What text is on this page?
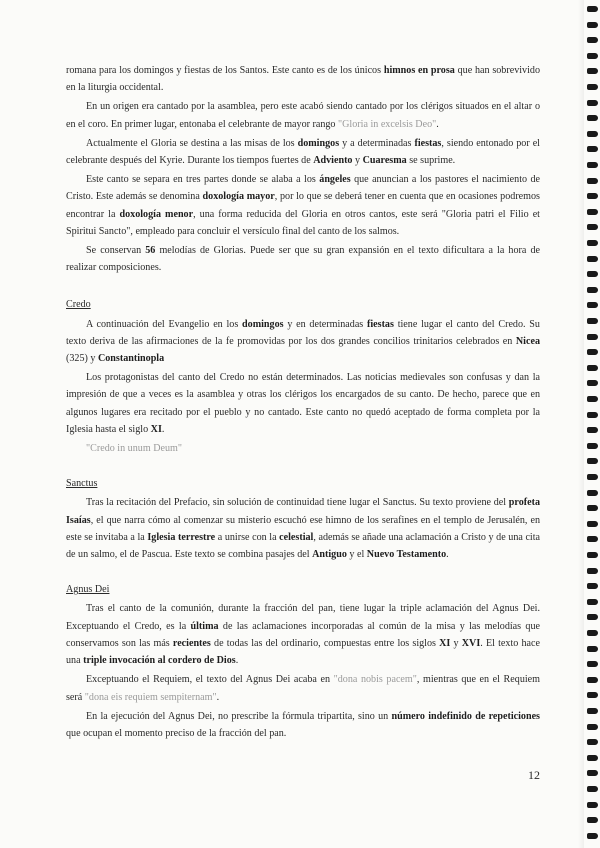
romana para los domingos y fiestas de los Santos. Este canto es de los únicos himnos en prosa que han sobrevivido en la liturgia occidental.

En un origen era cantado por la asamblea, pero este acabó siendo cantado por los clérigos situados en el altar o en el coro. En primer lugar, entonaba el celebrante de mayor rango "Gloria in excelsis Deo".

Actualmente el Gloria se destina a las misas de los domingos y a determinadas fiestas, siendo entonado por el celebrante después del Kyrie. Durante los tiempos fuertes de Adviento y Cuaresma se suprime.

Este canto se separa en tres partes donde se alaba a los ángeles que anuncian a los pastores el nacimiento de Cristo. Este además se denomina doxología mayor, por lo que se deberá tener en cuenta que en ocasiones podremos encontrar la doxología menor, una forma reducida del Gloria en otros cantos, este será "Gloria patri el Filio et Spiritui Sancto", empleado para concluir el versículo final del canto de los salmos.

Se conservan 56 melodías de Glorias. Puede ser que su gran expansión en el texto dificultara a la hora de realizar composiciones.

Credo

A continuación del Evangelio en los domingos y en determinadas fiestas tiene lugar el canto del Credo. Su texto deriva de las afirmaciones de la fe promovidas por los dos grandes concilios trinitarios celebrados en Nicea (325) y Constantinopla

Los protagonistas del canto del Credo no están determinados. Las noticias medievales son confusas y dan la impresión de que a veces es la asamblea y otras los clérigos los encargados de su canto. De hecho, parece que en algunos lugares era recitado por el pueblo y no cantado. Este canto no quedó aceptado de forma completa por la Iglesia hasta el siglo XI.

"Credo in unum Deum"

Sanctus

Tras la recitación del Prefacio, sin solución de continuidad tiene lugar el Sanctus. Su texto proviene del profeta Isaías, el que narra cómo al comenzar su misterio escuchó ese himno de los serafines en el templo de Jerusalén, en este se invitaba a la Iglesia terrestre a unirse con la celestial, además se añade una aclamación a Cristo y de una cita de un salmo, el de Pascua. Este texto se combina pasajes del Antiguo y el Nuevo Testamento.

Agnus Dei

Tras el canto de la comunión, durante la fracción del pan, tiene lugar la triple aclamación del Agnus Dei. Exceptuando el Credo, es la última de las aclamaciones incorporadas al común de la misa y las melodías que conservamos son las más recientes de todas las del ordinario, compuestas entre los siglos XI y XVI. El texto hace una triple invocación al cordero de Dios.

Exceptuando el Requiem, el texto del Agnus Dei acaba en "dona nobis pacem", mientras que en el Requiem será "dona eis requiem sempiternam".

En la ejecución del Agnus Dei, no prescribe la fórmula tripartita, sino un número indefinido de repeticiones que ocupan el momento preciso de la fracción del pan.

12
